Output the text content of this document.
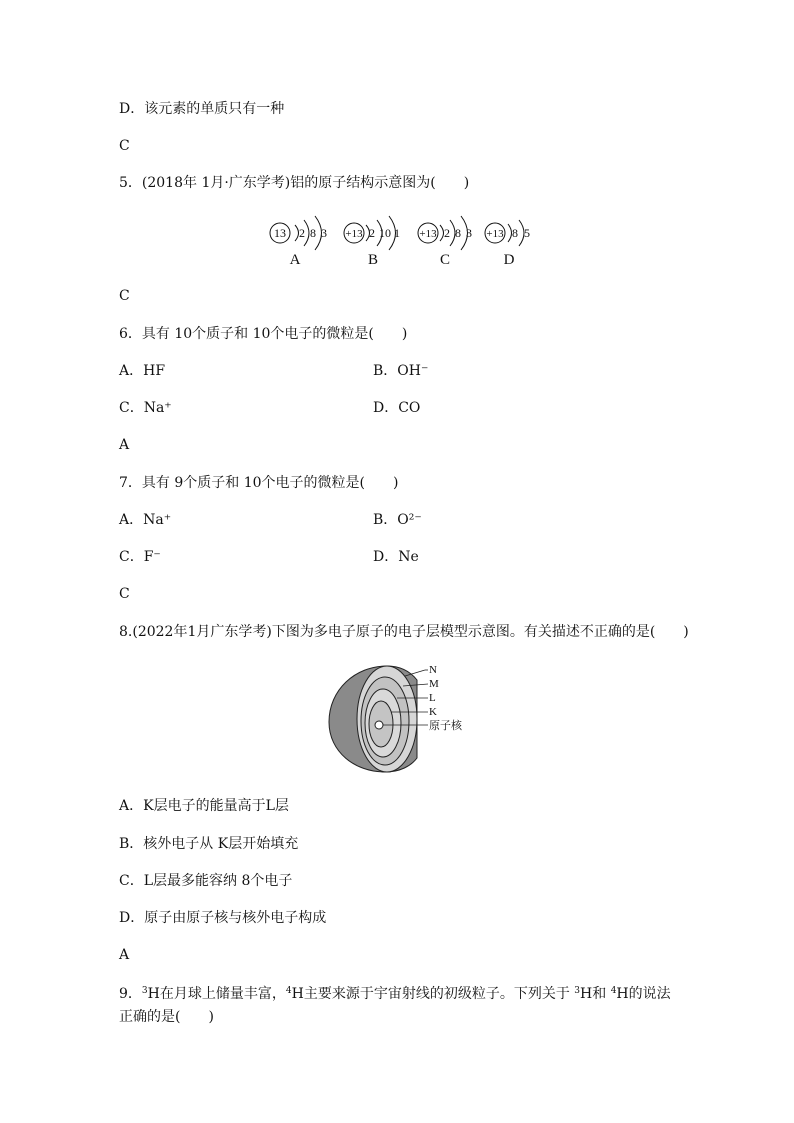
D．该元素的单质只有一种
C
5．(2018年 1月·广东学考)铝的原子结构示意图为(　　)
13 2 8 3
A
+13 2 10 1
B
+13 2 8 3
C
+13 8 5
D
C
6．具有 10个质子和 10个电子的微粒是(　　)
A．HF	B．OH⁻
C．Na⁺	D．CO
A
7．具有 9个质子和 10个电子的微粒是(　　)
A．Na⁺	B．O²⁻
C．F⁻	D．Ne
C
8.(2022年1月广东学考)下图为多电子原子的电子层模型示意图。有关描述不正确的是(　　)
N
M
L
K
原子核
A．K层电子的能量高于L层
B．核外电子从 K层开始填充
C．L层最多能容纳 8个电子
D．原子由原子核与核外电子构成
A
9．$^3$H在月球上储量丰富，$^4$H主要来源于宇宙射线的初级粒子。下列关于 $^3$H和 $^4$H的说法
正确的是(　　)
